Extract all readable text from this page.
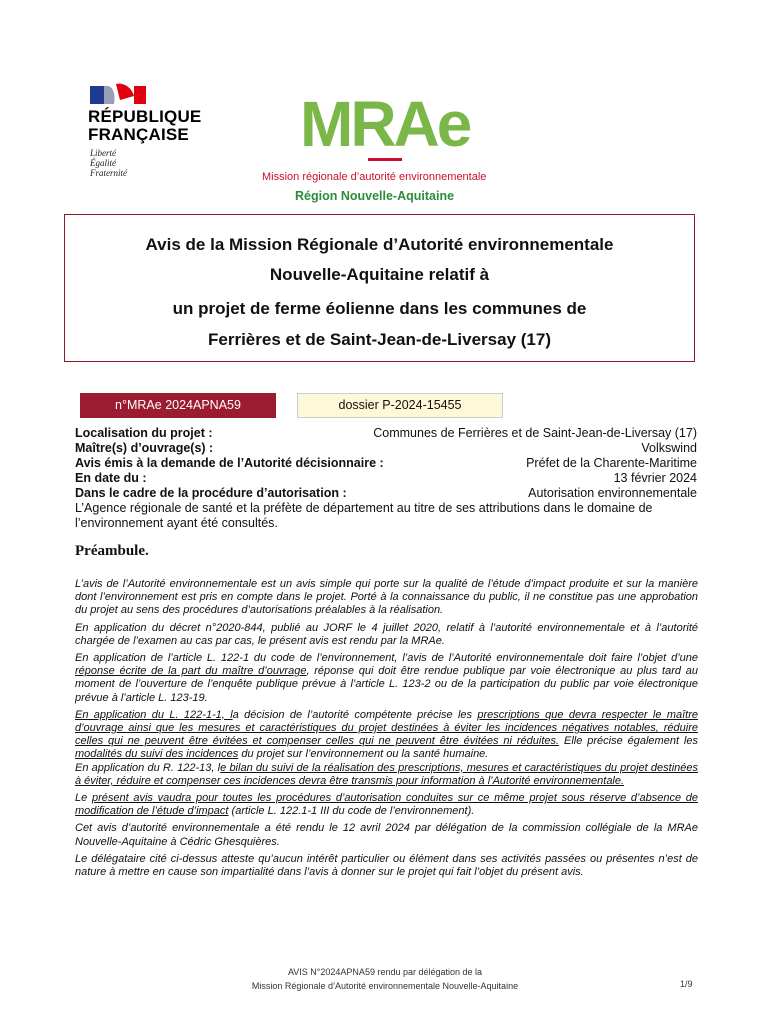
RÉPUBLIQUE
FRANÇAISE
Liberté
Égalité
Fraternité
MRAe
Mission régionale d’autorité environnementale
Région Nouvelle-Aquitaine
Avis de la Mission Régionale d’Autorité environnementale
Nouvelle-Aquitaine relatif à
un projet de ferme éolienne dans les communes de
Ferrières et de Saint-Jean-de-Liversay (17)
n°MRAe 2024APNA59	dossier P-2024-15455
Localisation du projet :	Communes de Ferrières et de Saint-Jean-de-Liversay (17)
Maître(s) d’ouvrage(s) :	Volkswind
Avis émis à la demande de l’Autorité décisionnaire :	Préfet de la Charente-Maritime
En date du :	13 février 2024
Dans le cadre de la procédure d’autorisation :	Autorisation environnementale
L’Agence régionale de santé et la préfète de département au titre de ses attributions dans le domaine de l’environnement ayant été consultés.
Préambule.

L’avis de l’Autorité environnementale est un avis simple qui porte sur la qualité de l’étude d’impact produite et sur la manière dont l’environnement est pris en compte dans le projet. Porté à la connaissance du public, il ne constitue pas une approbation du projet au sens des procédures d’autorisations préalables à la réalisation.

En application du décret n°2020-844, publié au JORF le 4 juillet 2020, relatif à l’autorité environnementale et à l’autorité chargée de l’examen au cas par cas, le présent avis est rendu par la MRAe.

En application de l’article L. 122-1 du code de l’environnement, l’avis de l’Autorité environnementale doit faire l’objet d’une réponse écrite de la part du maître d’ouvrage, réponse qui doit être rendue publique par voie électronique au plus tard au moment de l’ouverture de l’enquête publique prévue à l’article L. 123-2 ou de la participation du public par voie électronique prévue à l’article L. 123-19.

En application du L. 122-1-1, la décision de l’autorité compétente précise les prescriptions que devra respecter le maître d’ouvrage ainsi que les mesures et caractéristiques du projet destinées à éviter les incidences négatives notables, réduire celles qui ne peuvent être évitées et compenser celles qui ne peuvent être évitées ni réduites. Elle précise également les modalités du suivi des incidences du projet sur l’environnement ou la santé humaine.

En application du R. 122-13, le bilan du suivi de la réalisation des prescriptions, mesures et caractéristiques du projet destinées à éviter, réduire et compenser ces incidences devra être transmis pour information à l’Autorité environnementale.

Le présent avis vaudra pour toutes les procédures d’autorisation conduites sur ce même projet sous réserve d’absence de modification de l’étude d’impact (article L. 122.1-1 III du code de l’environnement).

Cet avis d’autorité environnementale a été rendu le 12 avril 2024 par délégation de la commission collégiale de la MRAe Nouvelle-Aquitaine à Cédric Ghesquières.

Le délégataire cité ci-dessus atteste qu’aucun intérêt particulier ou élément dans ses activités passées ou présentes n’est de nature à mettre en cause son impartialité dans l’avis à donner sur le projet qui fait l’objet du présent avis.

AVIS N°2024APNA59 rendu par délégation de la
Mission Régionale d’Autorité environnementale Nouvelle-Aquitaine	1/9
